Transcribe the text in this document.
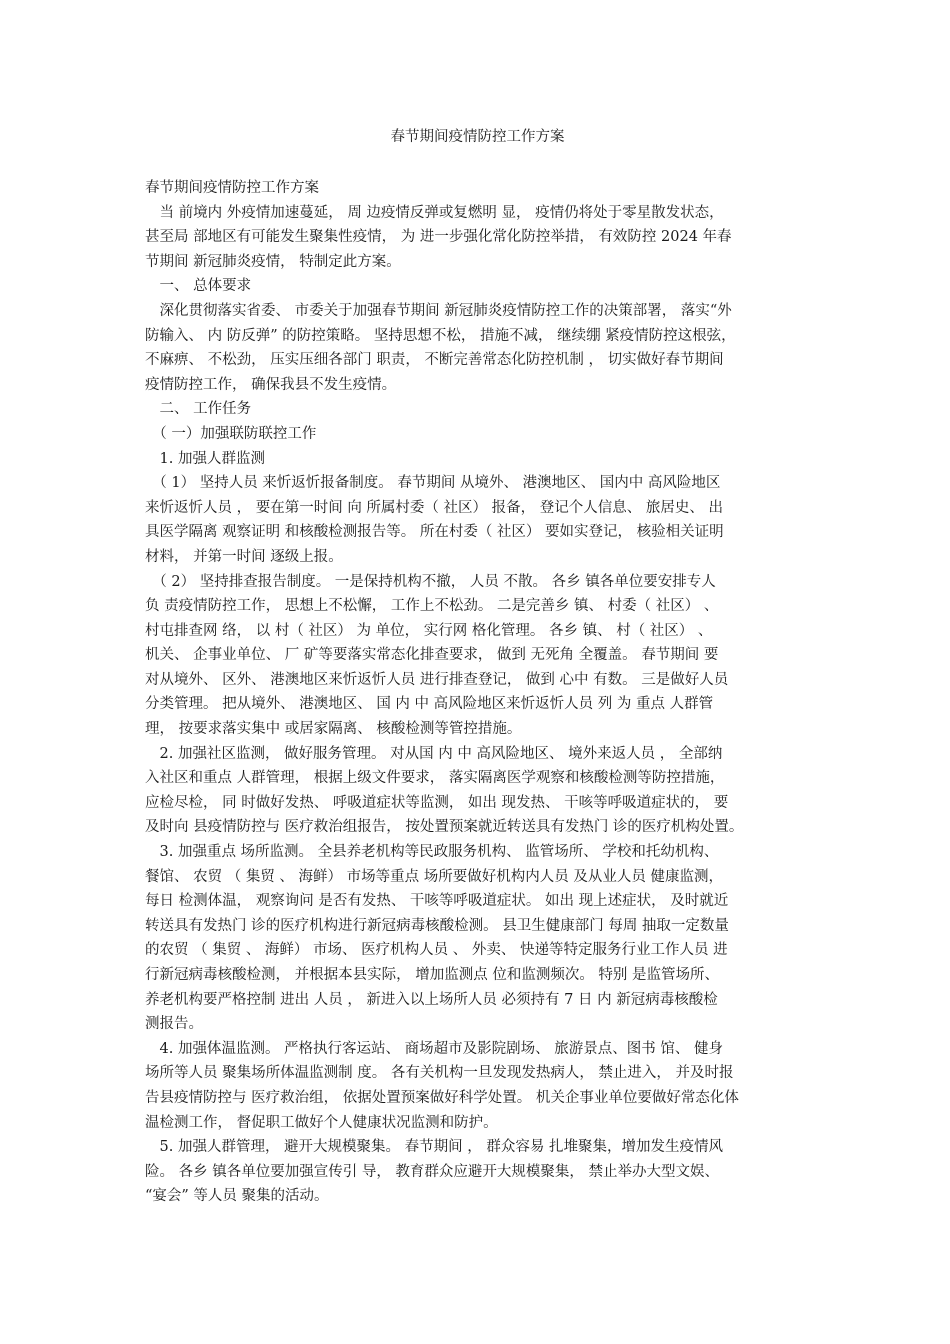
春节期间疫情防控工作方案
春节期间疫情防控工作方案
　当 前境内 外疫情加速蔓延， 周 边疫情反弹或复燃明 显， 疫情仍将处于零星散发状态，
甚至局 部地区有可能发生聚集性疫情， 为 进一步强化常化防控举措， 有效防控 2024 年春
节期间 新冠肺炎疫情， 特制定此方案。
　一、 总体要求
　深化贯彻落实省委、 市委关于加强春节期间 新冠肺炎疫情防控工作的决策部署， 落实“外
防输入、 内 防反弹” 的防控策略。 坚持思想不松， 措施不减， 继续绷 紧疫情防控这根弦，
不麻痹、 不松劲， 压实压细各部门 职责， 不断完善常态化防控机制 ， 切实做好春节期间
疫情防控工作， 确保我县不发生疫情。
　二、 工作任务
　（ 一）加强联防联控工作
　1. 加强人群监测
　（ 1） 坚持人员 来忻返忻报备制度。 春节期间 从境外、 港澳地区、 国内中 高风险地区
来忻返忻人员 ， 要在第一时间 向 所属村委（ 社区） 报备， 登记个人信息、 旅居史、 出
具医学隔离 观察证明 和核酸检测报告等。 所在村委（ 社区） 要如实登记， 核验相关证明
材料， 并第一时间 逐级上报。
　（ 2） 坚持排查报告制度。 一是保持机构不撤， 人员 不散。 各乡 镇各单位要安排专人
负 责疫情防控工作， 思想上不松懈， 工作上不松劲。 二是完善乡 镇、 村委（ 社区） 、
村屯排查网 络， 以 村（ 社区） 为 单位， 实行网 格化管理。 各乡 镇、 村（ 社区） 、
机关、 企事业单位、 厂 矿等要落实常态化排查要求， 做到 无死角 全覆盖。 春节期间 要
对从境外、 区外、 港澳地区来忻返忻人员 进行排查登记， 做到 心中 有数。 三是做好人员
分类管理。 把从境外、 港澳地区、 国 内 中 高风险地区来忻返忻人员 列 为 重点 人群管
理， 按要求落实集中 或居家隔离、 核酸检测等管控措施。
　2. 加强社区监测， 做好服务管理。 对从国 内 中 高风险地区、 境外来返人员 ， 全部纳
入社区和重点 人群管理， 根据上级文件要求， 落实隔离医学观察和核酸检测等防控措施，
应检尽检， 同 时做好发热、 呼吸道症状等监测， 如出 现发热、 干咳等呼吸道症状的， 要
及时向 县疫情防控与 医疗救治组报告， 按处置预案就近转送具有发热门 诊的医疗机构处置。
　3. 加强重点 场所监测。 全县养老机构等民政服务机构、 监管场所、 学校和托幼机构、
餐馆、 农贸 （ 集贸 、 海鲜） 市场等重点 场所要做好机构内人员 及从业人员 健康监测，
每日 检测体温， 观察询问 是否有发热、 干咳等呼吸道症状。 如出 现上述症状， 及时就近
转送具有发热门 诊的医疗机构进行新冠病毒核酸检测。 县卫生健康部门 每周 抽取一定数量
的农贸 （ 集贸 、 海鲜） 市场、 医疗机构人员 、 外卖、 快递等特定服务行业工作人员 进
行新冠病毒核酸检测， 并根据本县实际， 增加监测点 位和监测频次。 特别 是监管场所、
养老机构要严格控制 进出 人员 ， 新进入以上场所人员 必须持有 7 日 内 新冠病毒核酸检
测报告。
　4. 加强体温监测。 严格执行客运站、 商场超市及影院剧场、 旅游景点、图书 馆、 健身
场所等人员 聚集场所体温监测制 度。 各有关机构一旦发现发热病人， 禁止进入， 并及时报
告县疫情防控与 医疗救治组， 依据处置预案做好科学处置。 机关企事业单位要做好常态化体
温检测工作， 督促职工做好个人健康状况监测和防护。
　5. 加强人群管理， 避开大规模聚集。 春节期间 ， 群众容易 扎堆聚集，增加发生疫情风
险。 各乡 镇各单位要加强宣传引 导， 教育群众应避开大规模聚集， 禁止举办大型文娱、
“宴会” 等人员 聚集的活动。
